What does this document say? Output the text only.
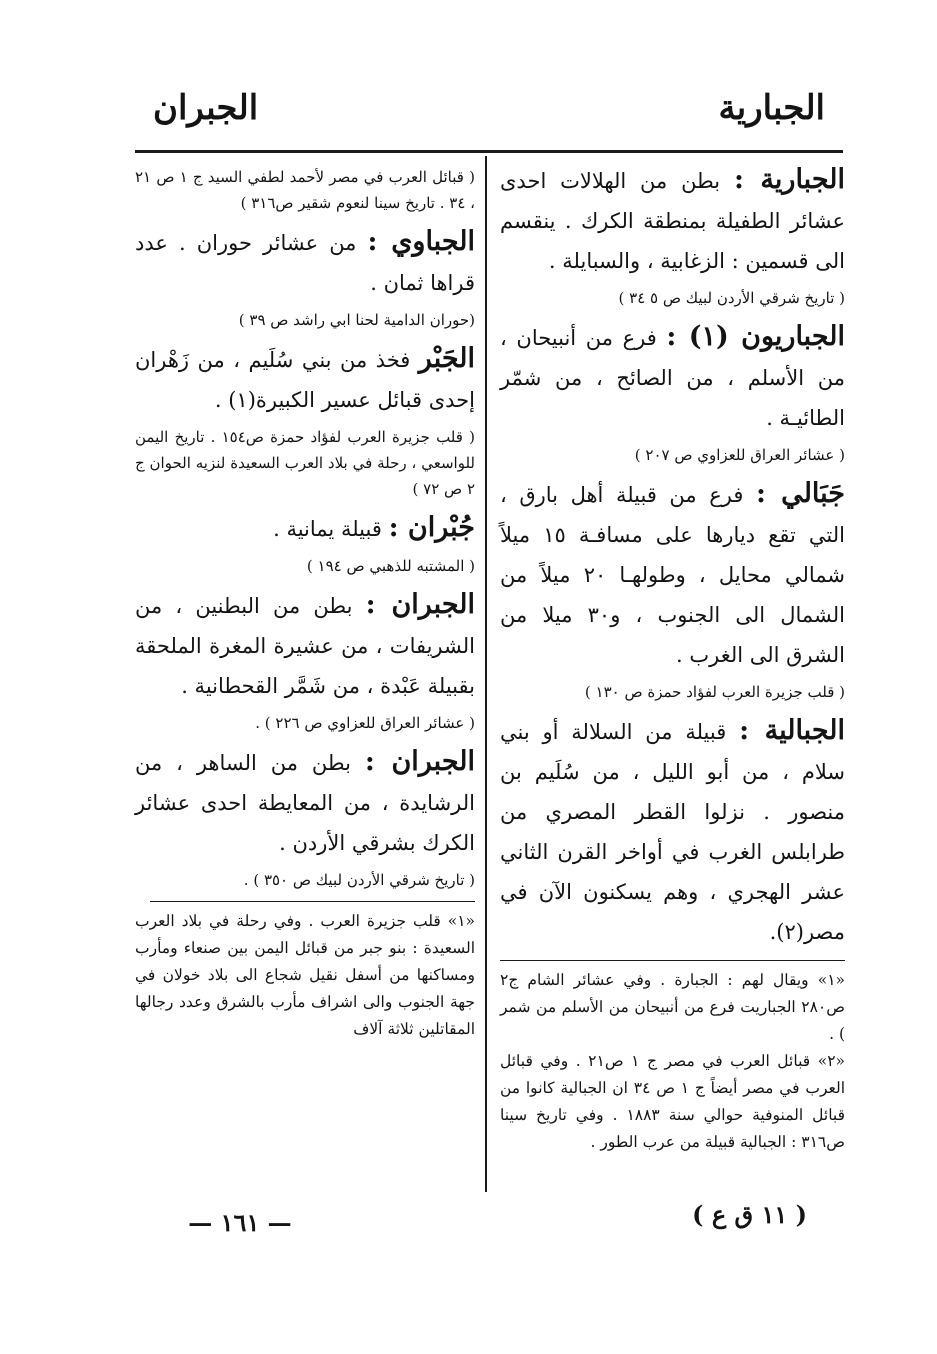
الجبارية
الجبران

الجبارية : بطن من الهلالات احدى عشائر الطفيلة بمنطقة الكرك . ينقسم الى قسمين : الزغابية ، والسبايلة .

( تاريخ شرقي الأردن لبيك ص ٥ ٣٤ )

الجباريون (١) : فرع من أنبيحان ، من الأسلم ، من الصائح ، من شمّر الطائيـة .

( عشائر العراق للعزاوي ص ٢٠٧ )

جَبَالي : فرع من قبيلة أهل بارق ، التي تقع ديارها على مسافـة ١٥ ميلاً شمالي محايل ، وطولهـا ٢٠ ميلاً من الشمال الى الجنوب ، و٣٠ ميلا من الشرق الى الغرب .

( قلب جزيرة العرب لفؤاد حمزة ص ١٣٠ )

الجبالية : قبيلة من السلالة أو بني سلام ، من أبو الليل ، من سُلَيم بن منصور . نزلوا القطر المصري من طرابلس الغرب في أواخر القرن الثاني عشر الهجري ، وهم يسكنون الآن في مصر(٢).

«١» ويقال لهم : الجبارة . وفي عشائر الشام ج٢ ص٢٨٠ الجباريت فرع من أنبيحان من الأسلم من شمر ) .

«٢» قبائل العرب في مصر ج ١ ص٢١ . وفي قبائل العرب في مصر أيضاً ج ١ ص ٣٤ ان الجبالية كانوا من قبائل المنوفية حوالي سنة ١٨٨٣ . وفي تاريخ سينا ص٣١٦ : الجبالية قبيلة من عرب الطور .

( قبائل العرب في مصر لأحمد لطفي السيد ج ١ ص ٢١ ، ٣٤ . تاريخ سينا لنعوم شقير ص٣١٦ )

الجباوي : من عشائر حوران . عدد قراها ثمان .

(حوران الدامية لحنا ابي راشد ص ٣٩ )

الجَبْر فخذ من بني سُلَيم ، من زَهْران إحدى قبائل عسير الكبيرة(١) .

( قلب جزيرة العرب لفؤاد حمزة ص١٥٤ . تاريخ اليمن للواسعي ، رحلة في بلاد العرب السعيدة لنزيه الحوان ج ٢ ص ٧٢ )

جُبْران : قبيلة يمانية .

( المشتبه للذهبي ص ١٩٤ )

الجبران : بطن من البطنين ، من الشريفات ، من عشيرة المغرة الملحقة بقبيلة عَبْدة ، من شَمَّر القحطانية .

( عشائر العراق للعزاوي ص ٢٢٦ ) .

الجبران : بطن من الساهر ، من الرشايدة ، من المعايطة احدى عشائر الكرك بشرقي الأردن .

( تاريخ شرقي الأردن لبيك ص ٣٥٠ ) .

«١» قلب جزيرة العرب . وفي رحلة في بلاد العرب السعيدة : بنو جبر من قبائل اليمن بين صنعاء ومأرب ومساكنها من أسفل نقيل شجاع الى بلاد خولان في جهة الجنوب والى اشراف مأرب بالشرق وعدد رجالها المقاتلين ثلاثة آلاف

— ١٦١ —	( ١١ ق ع )
